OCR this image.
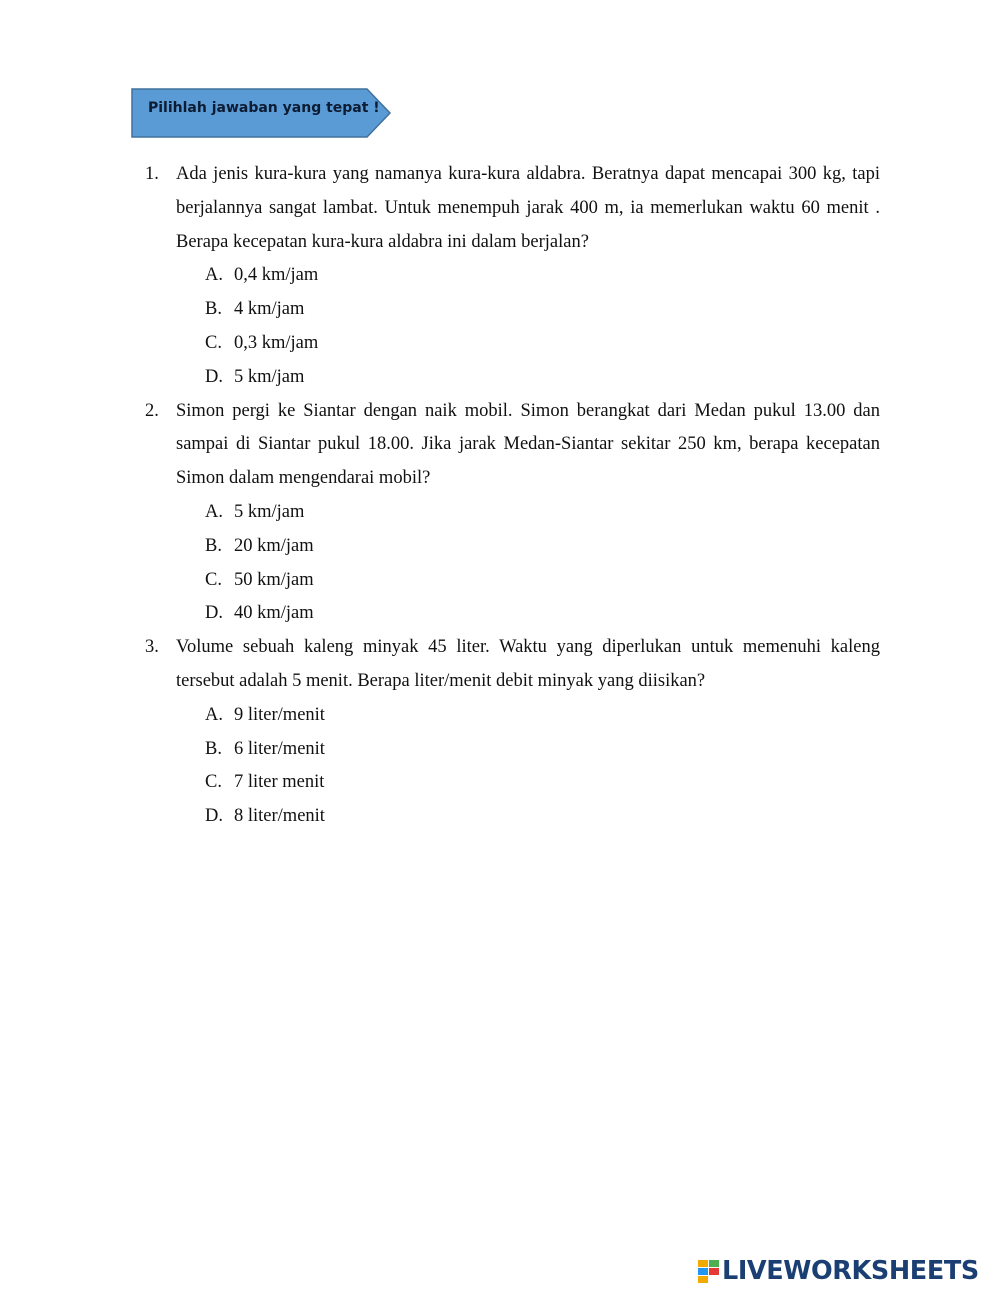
Pilihlah jawaban yang tepat !
1. Ada jenis kura-kura yang namanya kura-kura aldabra. Beratnya dapat mencapai 300 kg, tapi berjalannya sangat lambat. Untuk menempuh jarak 400 m, ia memerlukan waktu 60 menit . Berapa kecepatan kura-kura aldabra ini dalam berjalan?
A. 0,4 km/jam
B. 4 km/jam
C. 0,3 km/jam
D. 5 km/jam
2. Simon pergi ke Siantar dengan naik mobil. Simon berangkat dari Medan pukul 13.00 dan sampai di Siantar pukul 18.00. Jika jarak Medan-Siantar sekitar 250 km, berapa kecepatan Simon dalam mengendarai mobil?
A. 5 km/jam
B. 20 km/jam
C. 50 km/jam
D. 40 km/jam
3. Volume sebuah kaleng minyak 45 liter. Waktu yang diperlukan untuk memenuhi kaleng tersebut adalah 5 menit. Berapa liter/menit debit minyak yang diisikan?
A. 9 liter/menit
B. 6 liter/menit
C. 7 liter menit
D. 8 liter/menit
LIVEWORKSHEETS
